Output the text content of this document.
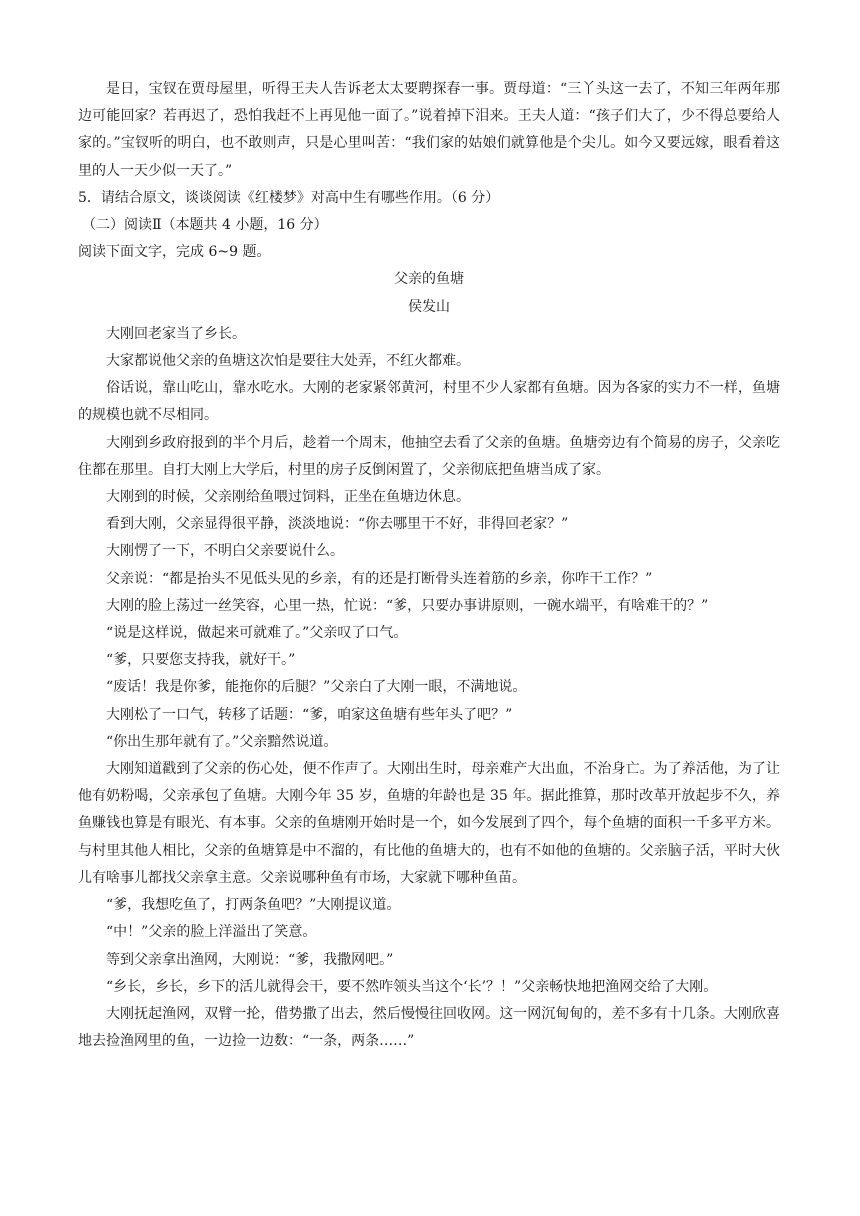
是日，宝钗在贾母屋里，听得王夫人告诉老太太要聘探春一事。贾母道：“三丫头这一去了，不知三年两年那边可能回家？若再迟了，恐怕我赶不上再见他一面了。”说着掉下泪来。王夫人道：“孩子们大了，少不得总要给人家的。”宝钗听的明白，也不敢则声，只是心里叫苦：“我们家的姑娘们就算他是个尖儿。如今又要远嫁，眼看着这里的人一天少似一天了。”

5．请结合原文，谈谈阅读《红楼梦》对高中生有哪些作用。（6 分）

（二）阅读Ⅱ（本题共 4 小题，16 分）

阅读下面文字，完成 6~9 题。

父亲的鱼塘

侯发山

大刚回老家当了乡长。

大家都说他父亲的鱼塘这次怕是要往大处弄，不红火都难。

俗话说，靠山吃山，靠水吃水。大刚的老家紧邻黄河，村里不少人家都有鱼塘。因为各家的实力不一样，鱼塘的规模也就不尽相同。

大刚到乡政府报到的半个月后，趁着一个周末，他抽空去看了父亲的鱼塘。鱼塘旁边有个简易的房子，父亲吃住都在那里。自打大刚上大学后，村里的房子反倒闲置了，父亲彻底把鱼塘当成了家。

大刚到的时候，父亲刚给鱼喂过饲料，正坐在鱼塘边休息。

看到大刚，父亲显得很平静，淡淡地说：“你去哪里干不好，非得回老家？”

大刚愣了一下，不明白父亲要说什么。

父亲说：“都是抬头不见低头见的乡亲，有的还是打断骨头连着筋的乡亲，你咋干工作？”

大刚的脸上荡过一丝笑容，心里一热，忙说：“爹，只要办事讲原则，一碗水端平，有啥难干的？”

“说是这样说，做起来可就难了。”父亲叹了口气。

“爹，只要您支持我，就好干。”

“废话！我是你爹，能拖你的后腿？”父亲白了大刚一眼，不满地说。

大刚松了一口气，转移了话题：“爹，咱家这鱼塘有些年头了吧？”

“你出生那年就有了。”父亲黯然说道。

大刚知道戳到了父亲的伤心处，便不作声了。大刚出生时，母亲难产大出血，不治身亡。为了养活他，为了让他有奶粉喝，父亲承包了鱼塘。大刚今年 35 岁，鱼塘的年龄也是 35 年。据此推算，那时改革开放起步不久，养鱼赚钱也算是有眼光、有本事。父亲的鱼塘刚开始时是一个，如今发展到了四个，每个鱼塘的面积一千多平方米。与村里其他人相比，父亲的鱼塘算是中不溜的，有比他的鱼塘大的，也有不如他的鱼塘的。父亲脑子活，平时大伙儿有啥事儿都找父亲拿主意。父亲说哪种鱼有市场，大家就下哪种鱼苗。

“爹，我想吃鱼了，打两条鱼吧？”大刚提议道。

“中！”父亲的脸上洋溢出了笑意。

等到父亲拿出渔网，大刚说：“爹，我撒网吧。”

“乡长，乡长，乡下的活儿就得会干，要不然咋领头当这个‘长’？！”父亲畅快地把渔网交给了大刚。

大刚抚起渔网，双臂一抡，借势撒了出去，然后慢慢往回收网。这一网沉甸甸的，差不多有十几条。大刚欣喜地去捡渔网里的鱼，一边捡一边数：“一条，两条……”
